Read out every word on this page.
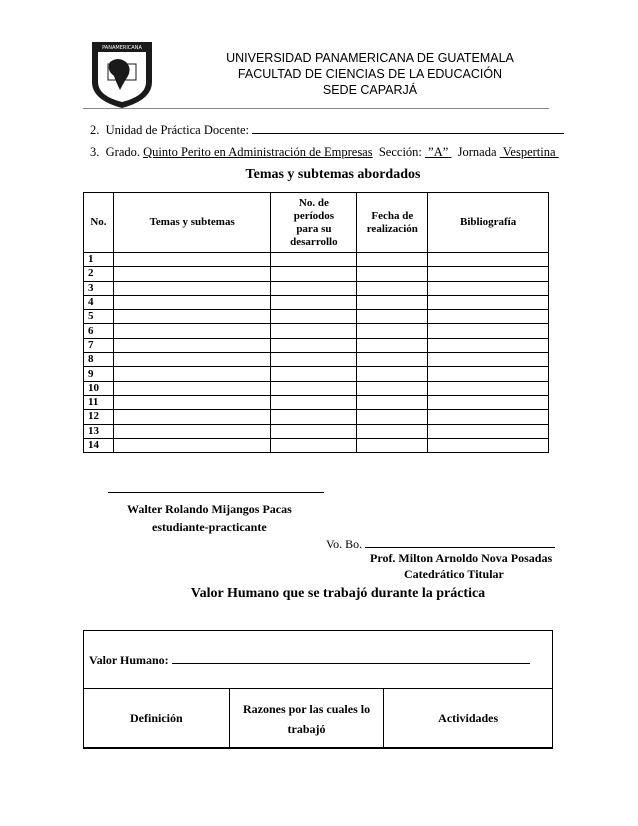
PANAMERICANA
UNIVERSIDAD PANAMERICANA DE GUATEMALA
FACULTAD DE CIENCIAS DE LA EDUCACIÓN
SEDE CAPARJÁ
2. Unidad de Práctica Docente:
3. Grado. Quinto Perito en Administración de Empresas Sección: ”A” Jornada Vespertina
Temas y subtemas abordados
No.	Temas y subtemas	No. de períodos para su desarrollo	Fecha de realización	Bibliografía
1				
2				
3				
4				
5				
6				
7				
8				
9				
10				
11				
12				
13				
14				
Walter Rolando Mijangos Pacas
estudiante-practicante
Vo. Bo.
Prof. Milton Arnoldo Nova Posadas
Catedrático Titular
Valor Humano que se trabajó durante la práctica
Valor Humano:
Definición	Razones por las cuales lo trabajó	Actividades
